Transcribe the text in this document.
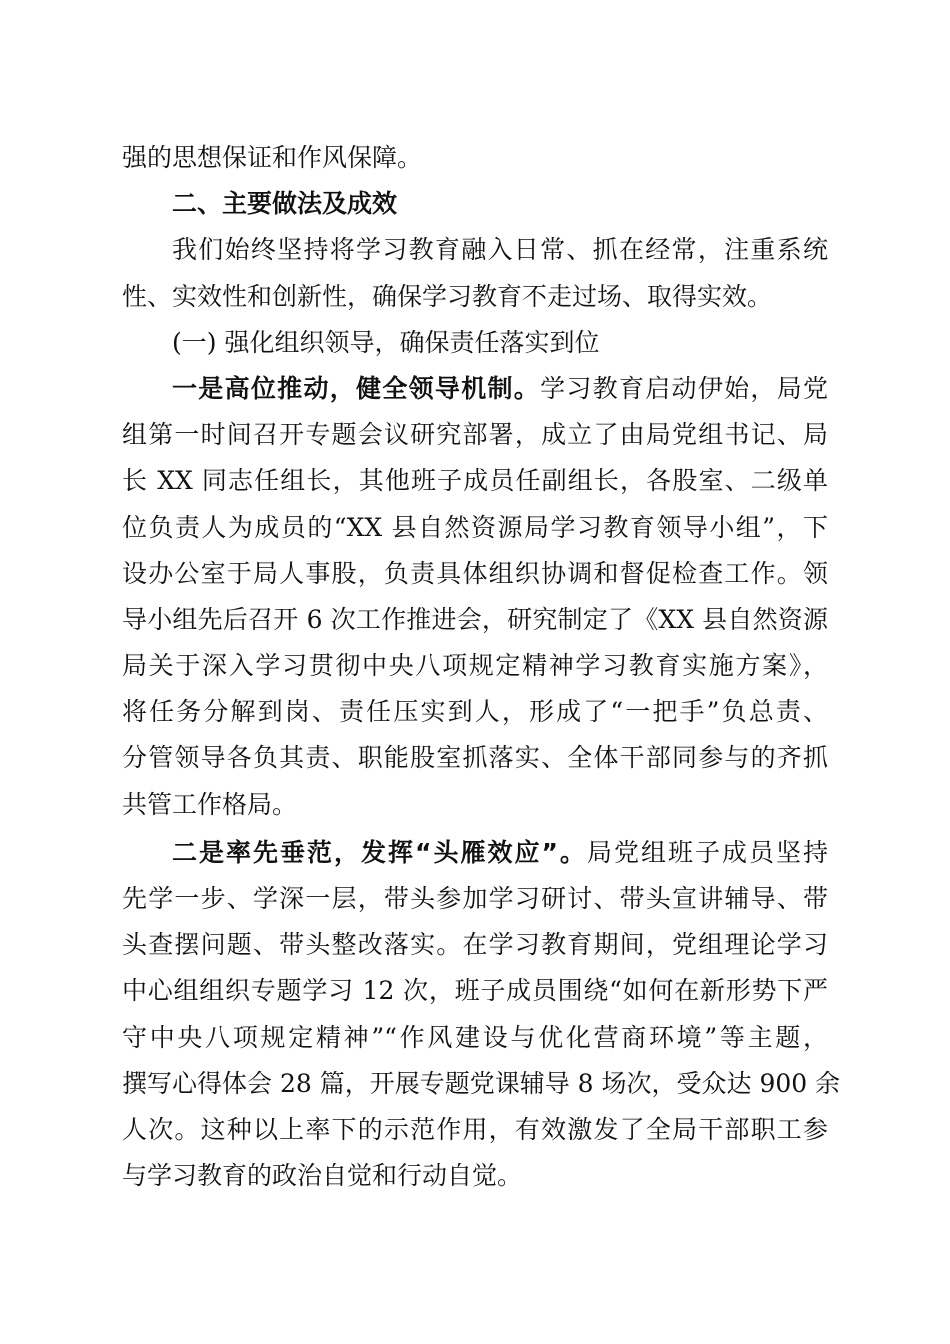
强的思想保证和作风保障。
二、主要做法及成效
我们始终坚持将学习教育融入日常、抓在经常，注重系统
性、实效性和创新性，确保学习教育不走过场、取得实效。
(一) 强化组织领导，确保责任落实到位
一是高位推动，健全领导机制。学习教育启动伊始，局党
组第一时间召开专题会议研究部署，成立了由局党组书记、局
长 XX 同志任组长，其他班子成员任副组长，各股室、二级单
位负责人为成员的“XX 县自然资源局学习教育领导小组”，下
设办公室于局人事股，负责具体组织协调和督促检查工作。领
导小组先后召开 6 次工作推进会，研究制定了《XX 县自然资源
局关于深入学习贯彻中央八项规定精神学习教育实施方案》，
将任务分解到岗、责任压实到人，形成了“一把手”负总责、
分管领导各负其责、职能股室抓落实、全体干部同参与的齐抓
共管工作格局。
二是率先垂范，发挥“头雁效应”。局党组班子成员坚持
先学一步、学深一层，带头参加学习研讨、带头宣讲辅导、带
头查摆问题、带头整改落实。在学习教育期间，党组理论学习
中心组组织专题学习 12 次，班子成员围绕“如何在新形势下严
守中央八项规定精神”“作风建设与优化营商环境”等主题，
撰写心得体会 28 篇，开展专题党课辅导 8 场次，受众达 900 余
人次。这种以上率下的示范作用，有效激发了全局干部职工参
与学习教育的政治自觉和行动自觉。
